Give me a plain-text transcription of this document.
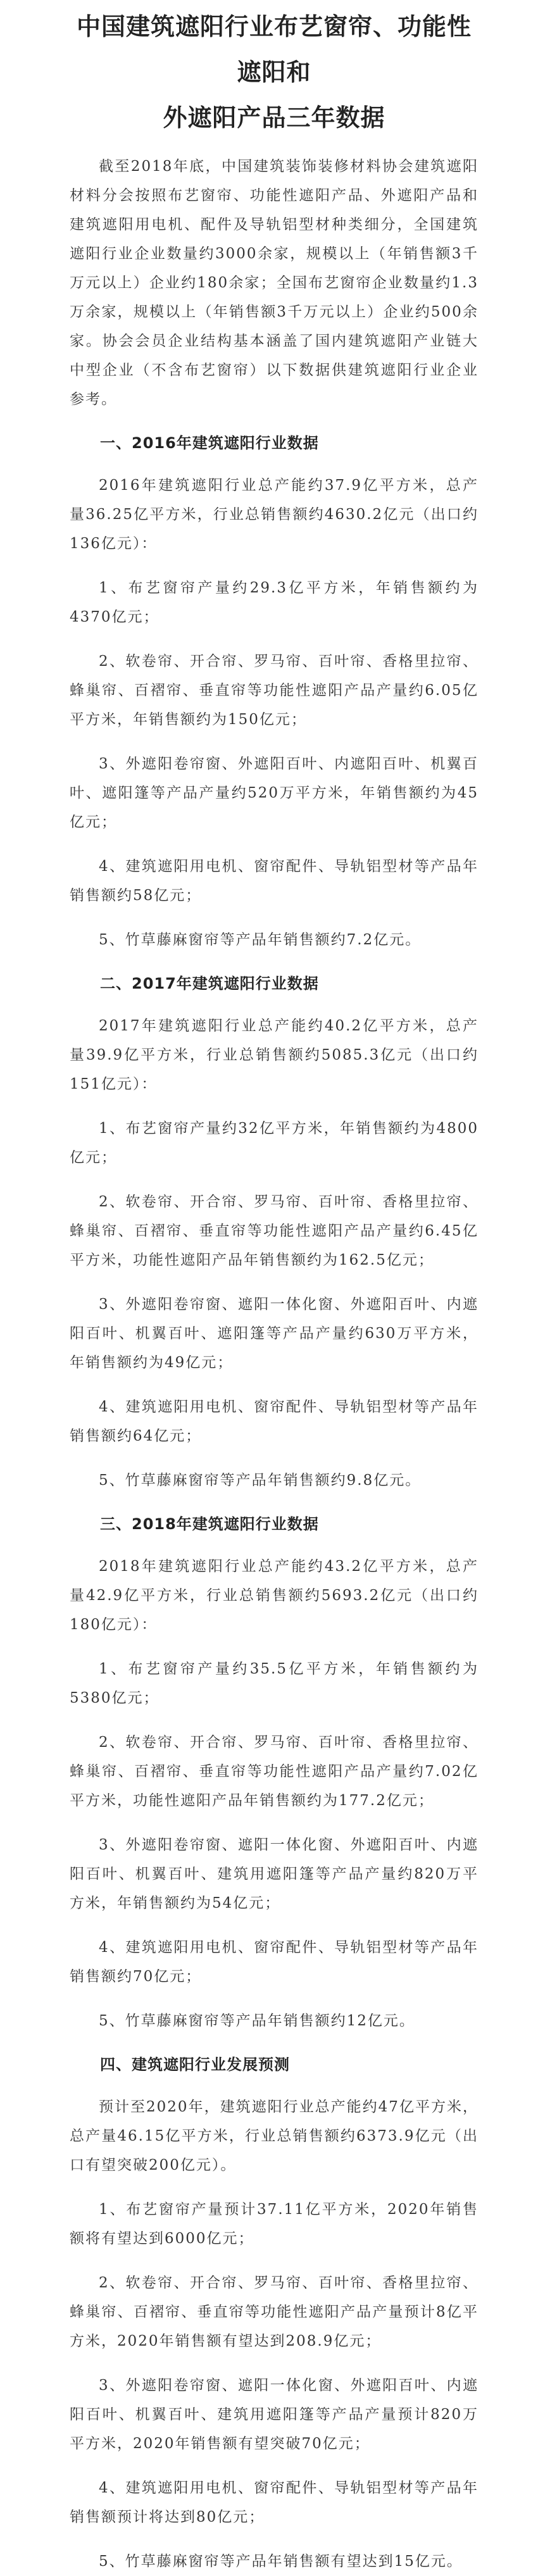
中国建筑遮阳行业布艺窗帘、功能性遮阳和
外遮阳产品三年数据

截至2018年底，中国建筑装饰装修材料协会建筑遮阳材料分会按照布艺窗帘、功能性遮阳产品、外遮阳产品和建筑遮阳用电机、配件及导轨铝型材种类细分，全国建筑遮阳行业企业数量约3000余家，规模以上（年销售额3千万元以上）企业约180余家；全国布艺窗帘企业数量约1.3万余家，规模以上（年销售额3千万元以上）企业约500余家。协会会员企业结构基本涵盖了国内建筑遮阳产业链大中型企业（不含布艺窗帘）以下数据供建筑遮阳行业企业参考。

一、2016年建筑遮阳行业数据

2016年建筑遮阳行业总产能约37.9亿平方米，总产量36.25亿平方米，行业总销售额约4630.2亿元（出口约136亿元）：

1、布艺窗帘产量约29.3亿平方米，年销售额约为4370亿元；

2、软卷帘、开合帘、罗马帘、百叶帘、香格里拉帘、蜂巢帘、百褶帘、垂直帘等功能性遮阳产品产量约6.05亿平方米，年销售额约为150亿元；

3、外遮阳卷帘窗、外遮阳百叶、内遮阳百叶、机翼百叶、遮阳篷等产品产量约520万平方米，年销售额约为45亿元；

4、建筑遮阳用电机、窗帘配件、导轨铝型材等产品年销售额约58亿元；

5、竹草藤麻窗帘等产品年销售额约7.2亿元。

二、2017年建筑遮阳行业数据

2017年建筑遮阳行业总产能约40.2亿平方米，总产量39.9亿平方米，行业总销售额约5085.3亿元（出口约151亿元）：

1、布艺窗帘产量约32亿平方米，年销售额约为4800亿元；

2、软卷帘、开合帘、罗马帘、百叶帘、香格里拉帘、蜂巢帘、百褶帘、垂直帘等功能性遮阳产品产量约6.45亿平方米，功能性遮阳产品年销售额约为162.5亿元；

3、外遮阳卷帘窗、遮阳一体化窗、外遮阳百叶、内遮阳百叶、机翼百叶、遮阳篷等产品产量约630万平方米，年销售额约为49亿元；

4、建筑遮阳用电机、窗帘配件、导轨铝型材等产品年销售额约64亿元；

5、竹草藤麻窗帘等产品年销售额约9.8亿元。

三、2018年建筑遮阳行业数据

2018年建筑遮阳行业总产能约43.2亿平方米，总产量42.9亿平方米，行业总销售额约5693.2亿元（出口约180亿元）：

1、布艺窗帘产量约35.5亿平方米，年销售额约为5380亿元；

2、软卷帘、开合帘、罗马帘、百叶帘、香格里拉帘、蜂巢帘、百褶帘、垂直帘等功能性遮阳产品产量约7.02亿平方米，功能性遮阳产品年销售额约为177.2亿元；

3、外遮阳卷帘窗、遮阳一体化窗、外遮阳百叶、内遮阳百叶、机翼百叶、建筑用遮阳篷等产品产量约820万平方米，年销售额约为54亿元；

4、建筑遮阳用电机、窗帘配件、导轨铝型材等产品年销售额约70亿元；

5、竹草藤麻窗帘等产品年销售额约12亿元。

四、建筑遮阳行业发展预测

预计至2020年，建筑遮阳行业总产能约47亿平方米，总产量46.15亿平方米，行业总销售额约6373.9亿元（出口有望突破200亿元）。

1、布艺窗帘产量预计37.11亿平方米，2020年销售额将有望达到6000亿元；

2、软卷帘、开合帘、罗马帘、百叶帘、香格里拉帘、蜂巢帘、百褶帘、垂直帘等功能性遮阳产品产量预计8亿平方米，2020年销售额有望达到208.9亿元；

3、外遮阳卷帘窗、遮阳一体化窗、外遮阳百叶、内遮阳百叶、机翼百叶、建筑用遮阳篷等产品产量预计820万平方米，2020年销售额有望突破70亿元；

4、建筑遮阳用电机、窗帘配件、导轨铝型材等产品年销售额预计将达到80亿元；

5、竹草藤麻窗帘等产品年销售额有望达到15亿元。
